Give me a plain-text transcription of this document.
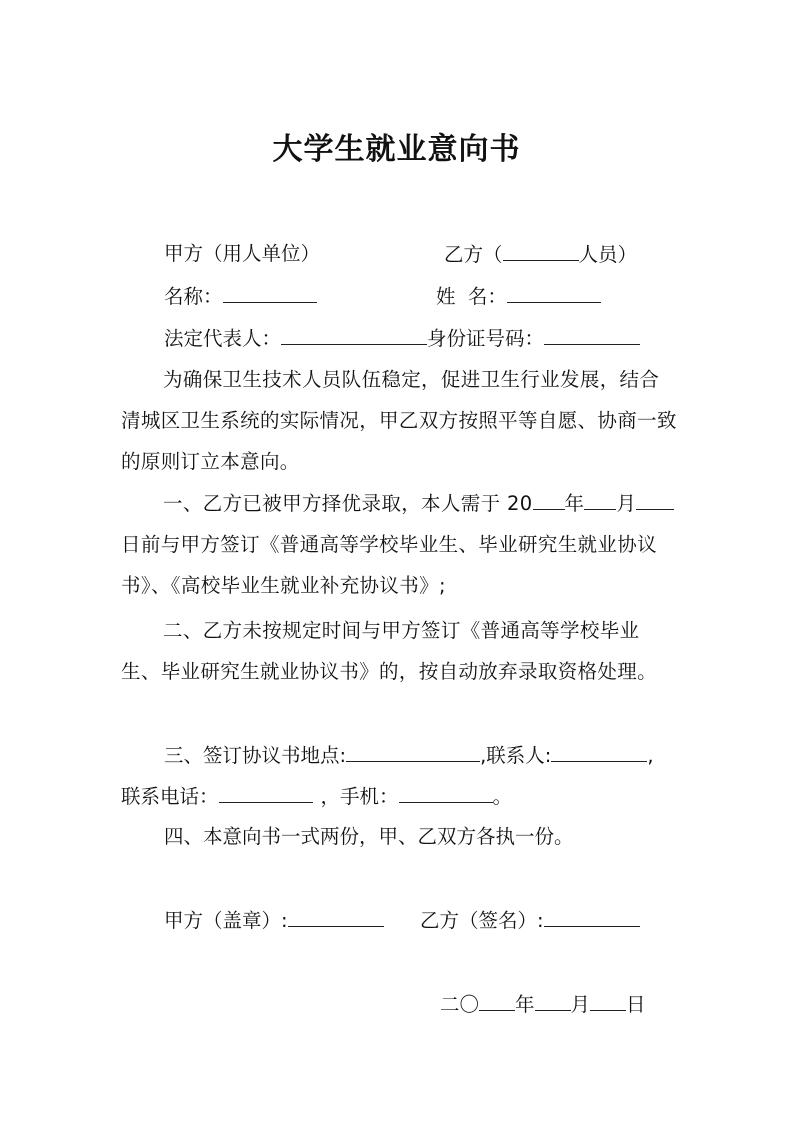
大学生就业意向书
甲方（用人单位）	乙方（	人员）
名称：	姓  名：
法定代表人：	身份证号码：
为确保卫生技术人员队伍稳定，促进卫生行业发展，结合清城区卫生系统的实际情况，甲乙双方按照平等自愿、协商一致的原则订立本意向。
一、乙方已被甲方择优录取，本人需于 20 年 月日前与甲方签订《普通高等学校毕业生、毕业研究生就业协议书》、《高校毕业生就业补充协议书》;
二、乙方未按规定时间与甲方签订《普通高等学校毕业生、毕业研究生就业协议书》的，按自动放弃录取资格处理。
三、签订协议书地点:	,联系人:	,
联系电话：	，手机：	。
四、本意向书一式两份，甲、乙双方各执一份。
甲方（盖章）:	乙方（签名）:
二〇 年 月 日
